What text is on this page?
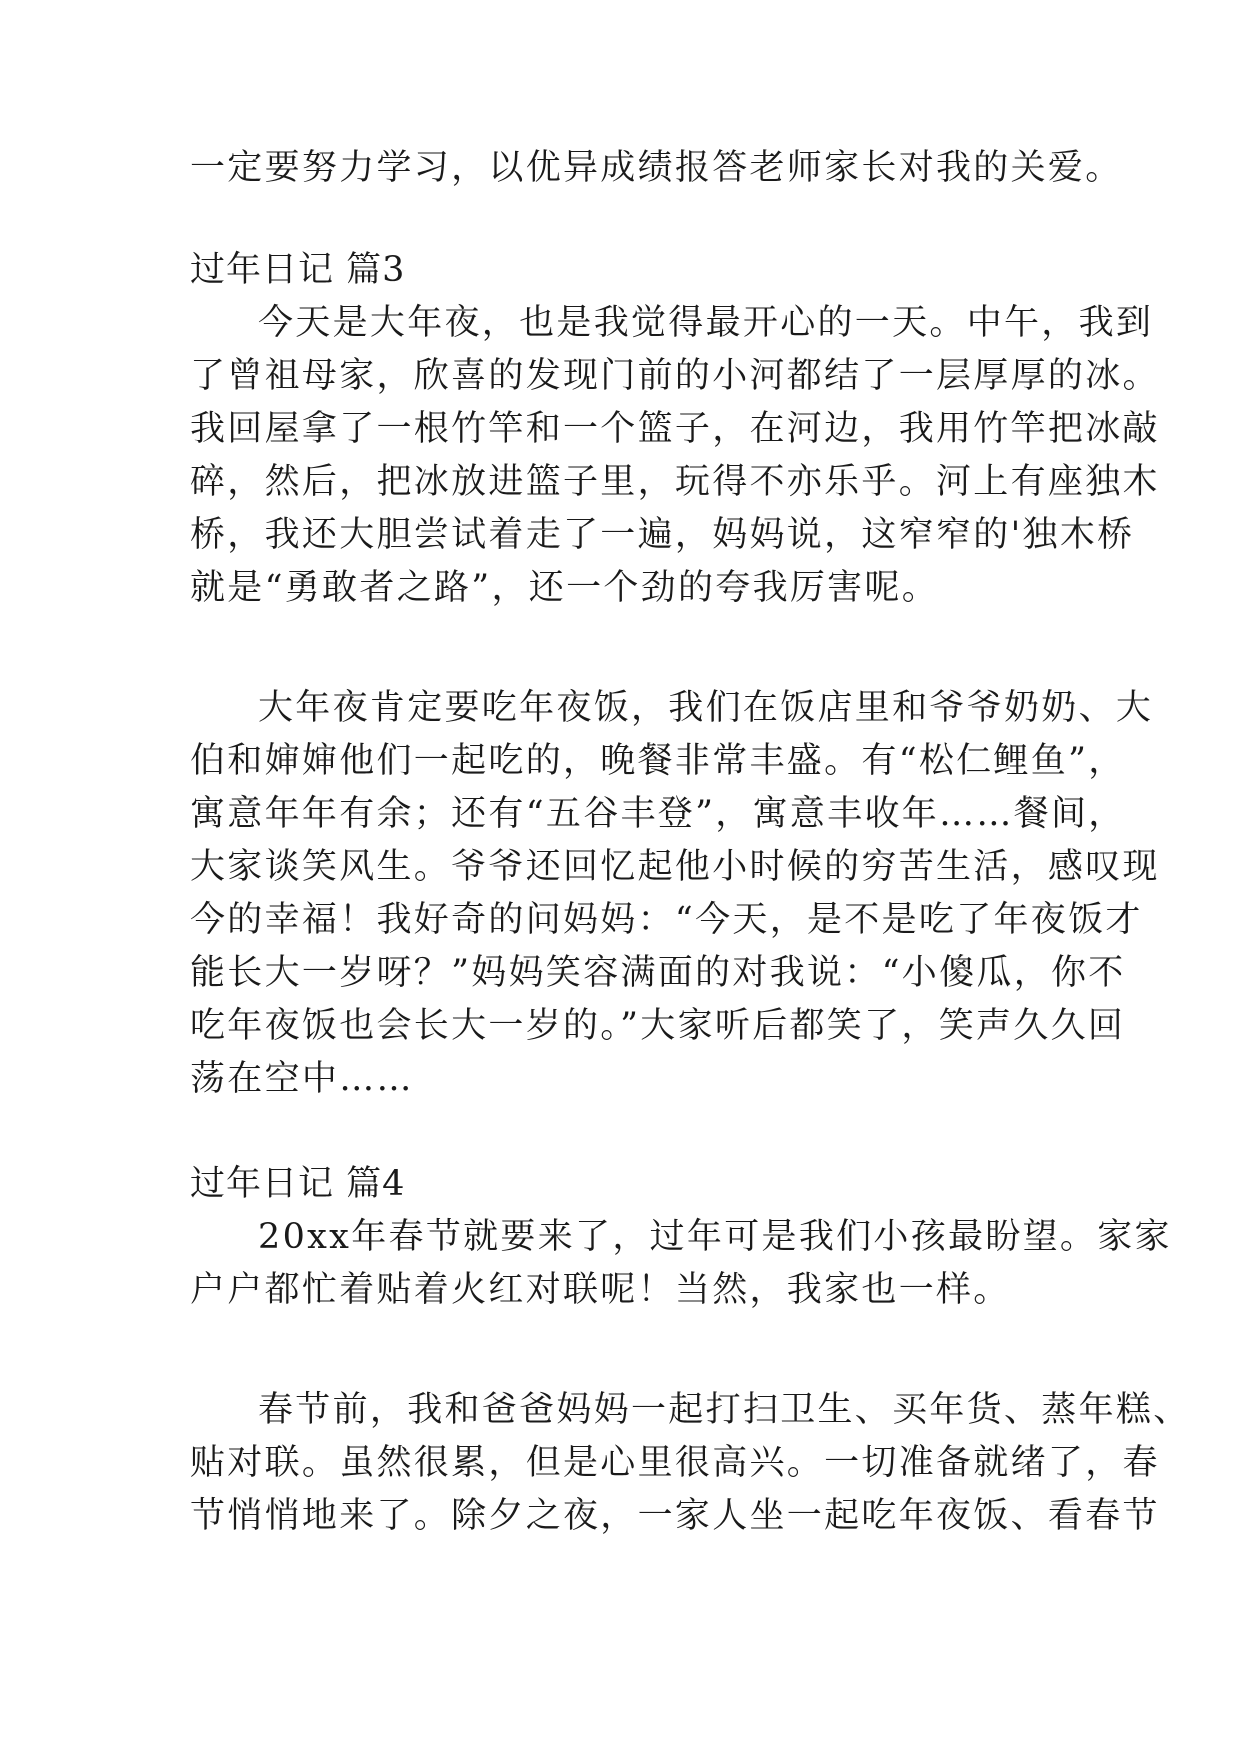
一定要努力学习，以优异成绩报答老师家长对我的关爱。
过年日记 篇3
今天是大年夜，也是我觉得最开心的一天。中午，我到
了曾祖母家，欣喜的发现门前的小河都结了一层厚厚的冰。
我回屋拿了一根竹竿和一个篮子，在河边，我用竹竿把冰敲
碎，然后，把冰放进篮子里，玩得不亦乐乎。河上有座独木
桥，我还大胆尝试着走了一遍，妈妈说，这窄窄的'独木桥
就是“勇敢者之路”，还一个劲的夸我厉害呢。
大年夜肯定要吃年夜饭，我们在饭店里和爷爷奶奶、大
伯和婶婶他们一起吃的，晚餐非常丰盛。有“松仁鲤鱼”，
寓意年年有余；还有“五谷丰登”，寓意丰收年……餐间，
大家谈笑风生。爷爷还回忆起他小时候的穷苦生活，感叹现
今的幸福！我好奇的问妈妈：“今天，是不是吃了年夜饭才
能长大一岁呀？”妈妈笑容满面的对我说：“小傻瓜，你不
吃年夜饭也会长大一岁的。”大家听后都笑了，笑声久久回
荡在空中……
过年日记 篇4
20xx年春节就要来了，过年可是我们小孩最盼望。家家
户户都忙着贴着火红对联呢！当然，我家也一样。
春节前，我和爸爸妈妈一起打扫卫生、买年货、蒸年糕、
贴对联。虽然很累，但是心里很高兴。一切准备就绪了，春
节悄悄地来了。除夕之夜，一家人坐一起吃年夜饭、看春节
